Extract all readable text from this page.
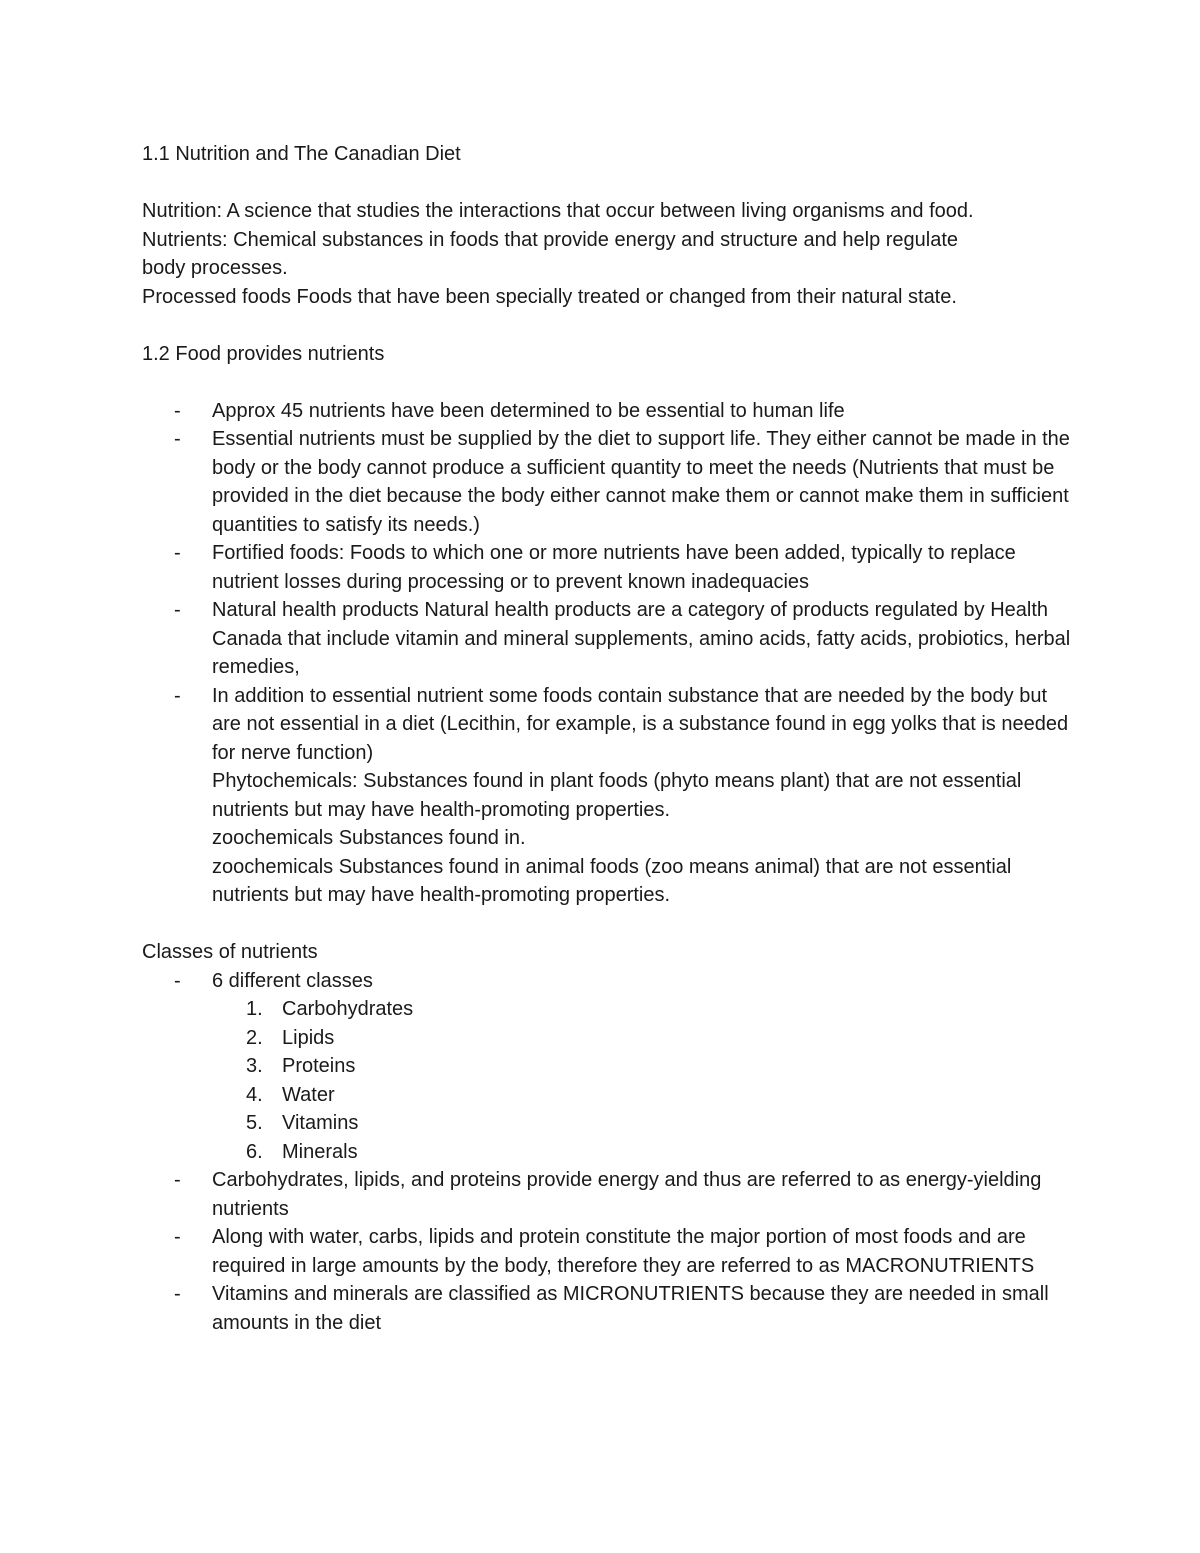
1.1 Nutrition and The Canadian Diet
Nutrition: A science that studies the interactions that occur between living organisms and food.
Nutrients: Chemical substances in foods that provide energy and structure and help regulate
body processes.
Processed foods Foods that have been specially treated or changed from their natural state.
1.2 Food provides nutrients
- Approx 45 nutrients have been determined to be essential to human life
- Essential nutrients must be supplied by the diet to support life. They either cannot be made in the body or the body cannot produce a sufficient quantity to meet the needs (Nutrients that must be provided in the diet because the body either cannot make them or cannot make them in sufficient quantities to satisfy its needs.)
- Fortified foods: Foods to which one or more nutrients have been added, typically to replace nutrient losses during processing or to prevent known inadequacies
- Natural health products Natural health products are a category of products regulated by Health Canada that include vitamin and mineral supplements, amino acids, fatty acids, probiotics, herbal remedies,
- In addition to essential nutrient some foods contain substance that are needed by the body but are not essential in a diet (Lecithin, for example, is a substance found in egg yolks that is needed for nerve function)
Phytochemicals: Substances found in plant foods (phyto means plant) that are not essential nutrients but may have health-promoting properties.
zoochemicals Substances found in.
zoochemicals Substances found in animal foods (zoo means animal) that are not essential nutrients but may have health-promoting properties.
Classes of nutrients
- 6 different classes
1. Carbohydrates
2. Lipids
3. Proteins
4. Water
5. Vitamins
6. Minerals
- Carbohydrates, lipids, and proteins provide energy and thus are referred to as energy-yielding nutrients
- Along with water, carbs, lipids and protein constitute the major portion of most foods and are required in large amounts by the body, therefore they are referred to as MACRONUTRIENTS
- Vitamins and minerals are classified as MICRONUTRIENTS because they are needed in small amounts in the diet
